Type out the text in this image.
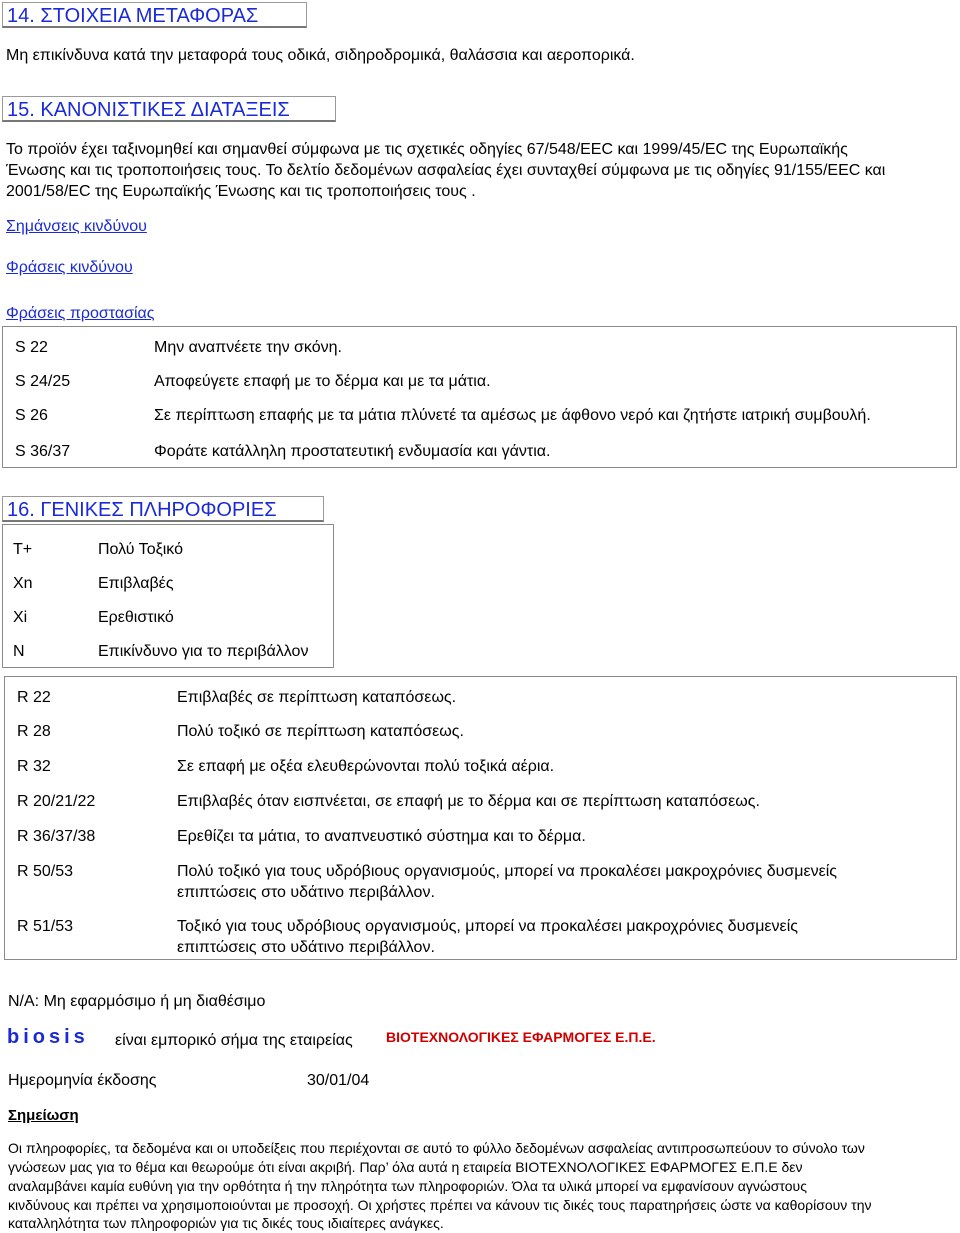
14. ΣΤΟΙΧΕΙΑ ΜΕΤΑΦΟΡΑΣ
Μη επικίνδυνα κατά την μεταφορά τους οδικά, σιδηροδρομικά, θαλάσσια και αεροπορικά.
15. ΚΑΝΟΝΙΣΤΙΚΕΣ ΔΙΑΤΑΞΕΙΣ
Το προϊόν έχει ταξινομηθεί και σημανθεί σύμφωνα με τις σχετικές οδηγίες 67/548/ΕΕC και 1999/45/EC της Ευρωπαϊκής
Ένωσης και τις τροποποιήσεις τους. Το δελτίο δεδομένων ασφαλείας έχει συνταχθεί σύμφωνα με τις οδηγίες 91/155/ΕΕC και
2001/58/EC της Ευρωπαϊκής Ένωσης και τις τροποποιήσεις τους .
Σημάνσεις κινδύνου
Φράσεις κινδύνου
Φράσεις προστασίας
S 22	Μην αναπνέετε την σκόνη.
S 24/25	Αποφεύγετε επαφή με το δέρμα και με τα μάτια.
S 26	Σε περίπτωση επαφής με τα μάτια πλύνετέ τα αμέσως με άφθονο νερό και ζητήστε ιατρική συμβουλή.
S 36/37	Φοράτε κατάλληλη προστατευτική ενδυμασία και γάντια.
16. ΓΕΝΙΚΕΣ ΠΛΗΡΟΦΟΡΙΕΣ
T+	Πολύ Τοξικό
Xn	Επιβλαβές
Xi	Ερεθιστικό
N	Επικίνδυνο για το περιβάλλον
R 22	Επιβλαβές σε περίπτωση καταπόσεως.
R 28	Πολύ τοξικό σε περίπτωση καταπόσεως.
R 32	Σε επαφή με οξέα ελευθερώνονται πολύ τοξικά αέρια.
R 20/21/22	Επιβλαβές όταν εισπνέεται, σε επαφή με το δέρμα και σε περίπτωση καταπόσεως.
R 36/37/38	Ερεθίζει τα μάτια, το αναπνευστικό σύστημα και το δέρμα.
R 50/53	Πολύ τοξικό για τους υδρόβιους οργανισμούς, μπορεί να προκαλέσει μακροχρόνιες δυσμενείς
επιπτώσεις στο υδάτινο περιβάλλον.
R 51/53	Τοξικό για τους υδρόβιους οργανισμούς, μπορεί να προκαλέσει μακροχρόνιες δυσμενείς
επιπτώσεις στο υδάτινο περιβάλλον.
N/A: Μη εφαρμόσιμο ή μη διαθέσιμο
biosis είναι εμπορικό σήμα της εταιρείας ΒΙΟΤΕΧΝΟΛΟΓΙΚΕΣ ΕΦΑΡΜΟΓΕΣ Ε.Π.Ε.
Ημερομηνία έκδοσης	30/01/04
Σημείωση
Οι πληροφορίες, τα δεδομένα και οι υποδείξεις που περιέχονται σε αυτό το φύλλο δεδομένων ασφαλείας αντιπροσωπεύουν το σύνολο των
γνώσεων μας για το θέμα και θεωρούμε ότι είναι ακριβή. Παρ’ όλα αυτά η εταιρεία ΒΙΟΤΕΧΝΟΛΟΓΙΚΕΣ ΕΦΑΡΜΟΓΕΣ Ε.Π.Ε δεν
αναλαμβάνει καμία ευθύνη για την ορθότητα ή την πληρότητα των πληροφοριών. Όλα τα υλικά μπορεί να εμφανίσουν αγνώστους
κινδύνους και πρέπει να χρησιμοποιούνται με προσοχή. Οι χρήστες πρέπει να κάνουν τις δικές τους παρατηρήσεις ώστε να καθορίσουν την
καταλληλότητα των πληροφοριών για τις δικές τους ιδιαίτερες ανάγκες.
